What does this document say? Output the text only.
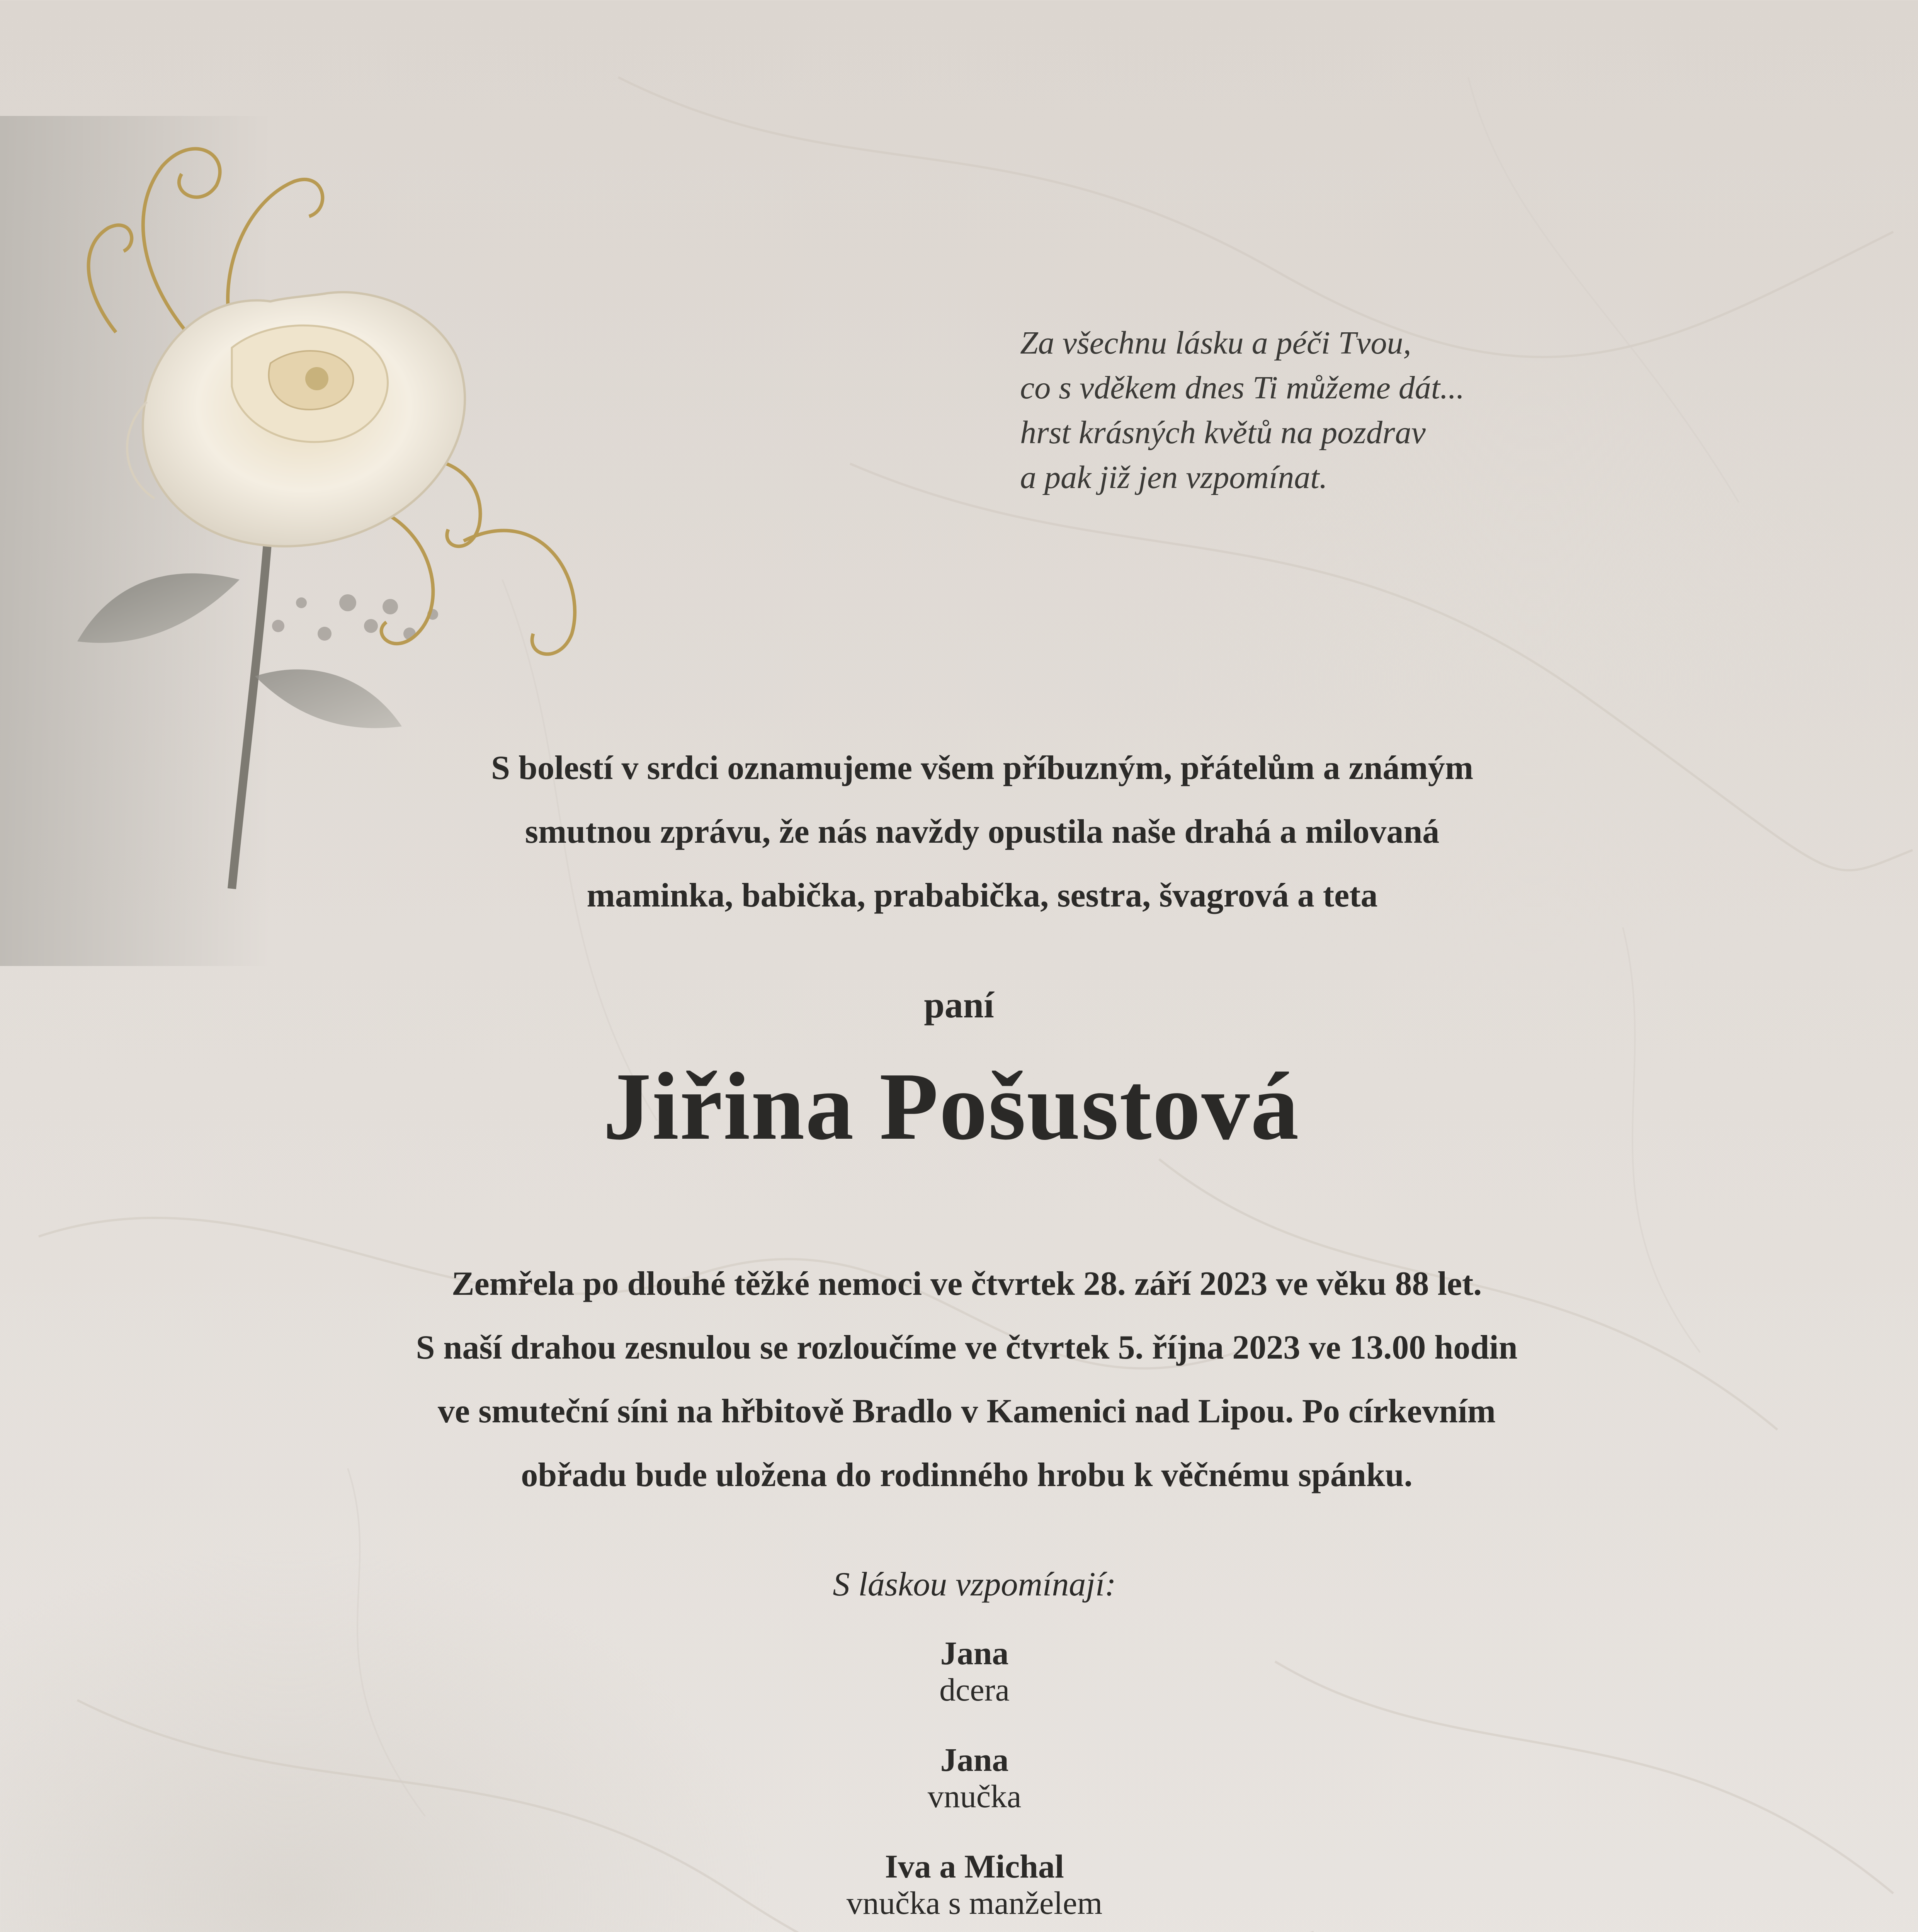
Za všechnu lásku a péči Tvou,
co s vděkem dnes Ti můžeme dát...
hrst krásných květů na pozdrav
a pak již jen vzpomínat.
S bolestí v srdci oznamujeme všem příbuzným, přátelům a známým
smutnou zprávu, že nás navždy opustila naše drahá a milovaná
maminka, babička, prababička, sestra, švagrová a teta
paní
Jiřina Pošustová
Zemřela po dlouhé těžké nemoci ve čtvrtek 28. září 2023 ve věku 88 let.
S naší drahou zesnulou se rozloučíme ve čtvrtek 5. října 2023 ve 13.00 hodin
ve smuteční síni na hřbitově Bradlo v Kamenici nad Lipou. Po církevním
obřadu bude uložena do rodinného hrobu k věčnému spánku.
S láskou vzpomínají:
Jana
dcera
Jana
vnučka
Iva a Michal
vnučka s manželem
